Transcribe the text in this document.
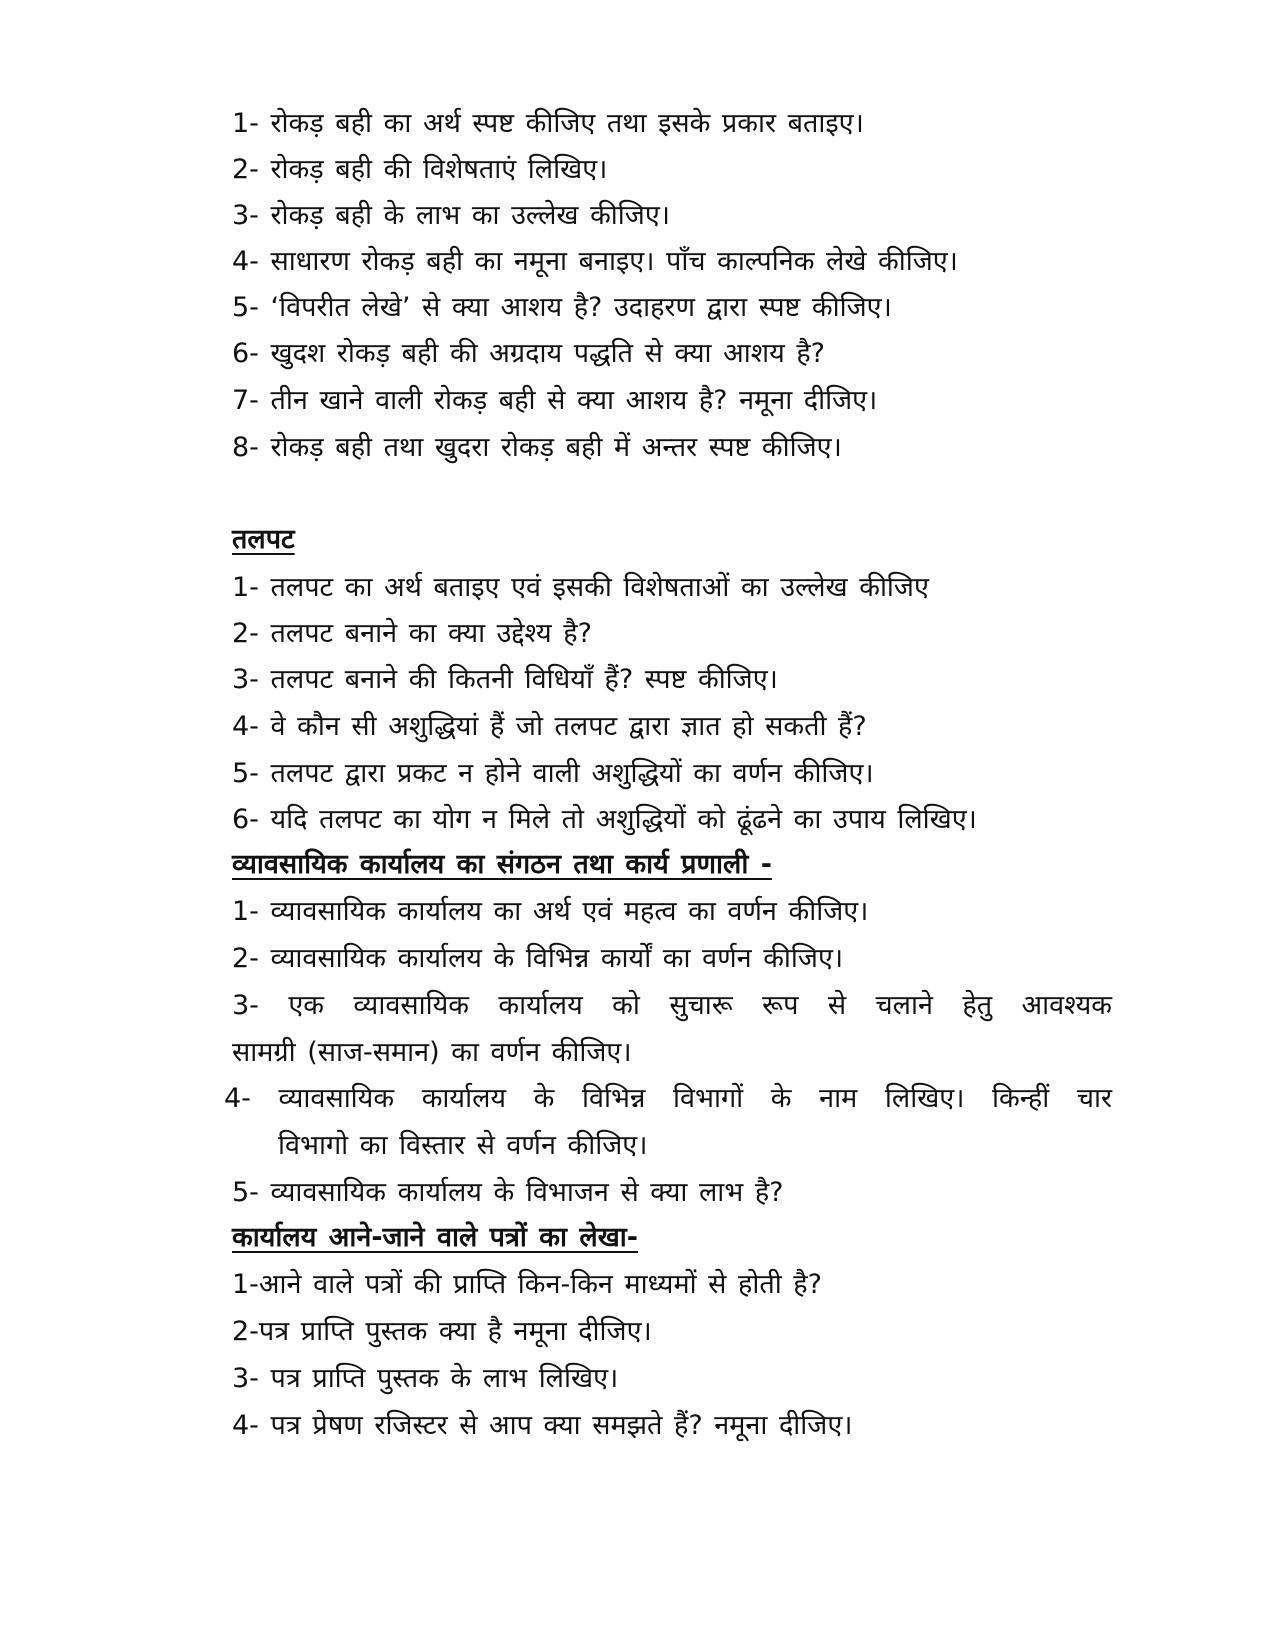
1- रोकड़ बही का अर्थ स्पष्ट कीजिए तथा इसके प्रकार बताइए।
2- रोकड़ बही की विशेषताएं लिखिए।
3- रोकड़ बही के लाभ का उल्लेख कीजिए।
4- साधारण रोकड़ बही का नमूना बनाइए। पाँच काल्पनिक लेखे कीजिए।
5- ‘विपरीत लेखे’ से क्या आशय है? उदाहरण द्वारा स्पष्ट कीजिए।
6- खुदश रोकड़ बही की अग्रदाय पद्धति से क्या आशय है?
7- तीन खाने वाली रोकड़ बही से क्या आशय है? नमूना दीजिए।
8- रोकड़ बही तथा खुदरा रोकड़ बही में अन्तर स्पष्ट कीजिए।
तलपट
1- तलपट का अर्थ बताइए एवं इसकी विशेषताओं का उल्लेख कीजिए
2- तलपट बनाने का क्या उद्देश्य है?
3- तलपट बनाने की कितनी विधियाँ हैं? स्पष्ट कीजिए।
4- वे कौन सी अशुद्धियां हैं जो तलपट द्वारा ज्ञात हो सकती हैं?
5- तलपट द्वारा प्रकट न होने वाली अशुद्धियों का वर्णन कीजिए।
6- यदि तलपट का योग न मिले तो अशुद्धियों को ढूंढने का उपाय लिखिए।
व्यावसायिक कार्यालय का संगठन तथा कार्य प्रणाली -
1- व्यावसायिक कार्यालय का अर्थ एवं महत्व का वर्णन कीजिए।
2- व्यावसायिक कार्यालय के विभिन्न कार्यों का वर्णन कीजिए।
3- एक व्यावसायिक कार्यालय को सुचारू रूप से चलाने हेतु आवश्यक
सामग्री (साज-समान) का वर्णन कीजिए।
4- व्यावसायिक कार्यालय के विभिन्न विभागों के नाम लिखिए। किन्हीं चार
विभागो का विस्तार से वर्णन कीजिए।
5- व्यावसायिक कार्यालय के विभाजन से क्या लाभ है?
कार्यालय आने-जाने वाले पत्रों का लेखा-
1-आने वाले पत्रों की प्राप्ति किन-किन माध्यमों से होती है?
2-पत्र प्राप्ति पुस्तक क्या है नमूना दीजिए।
3- पत्र प्राप्ति पुस्तक के लाभ लिखिए।
4- पत्र प्रेषण रजिस्टर से आप क्या समझते हैं? नमूना दीजिए।
